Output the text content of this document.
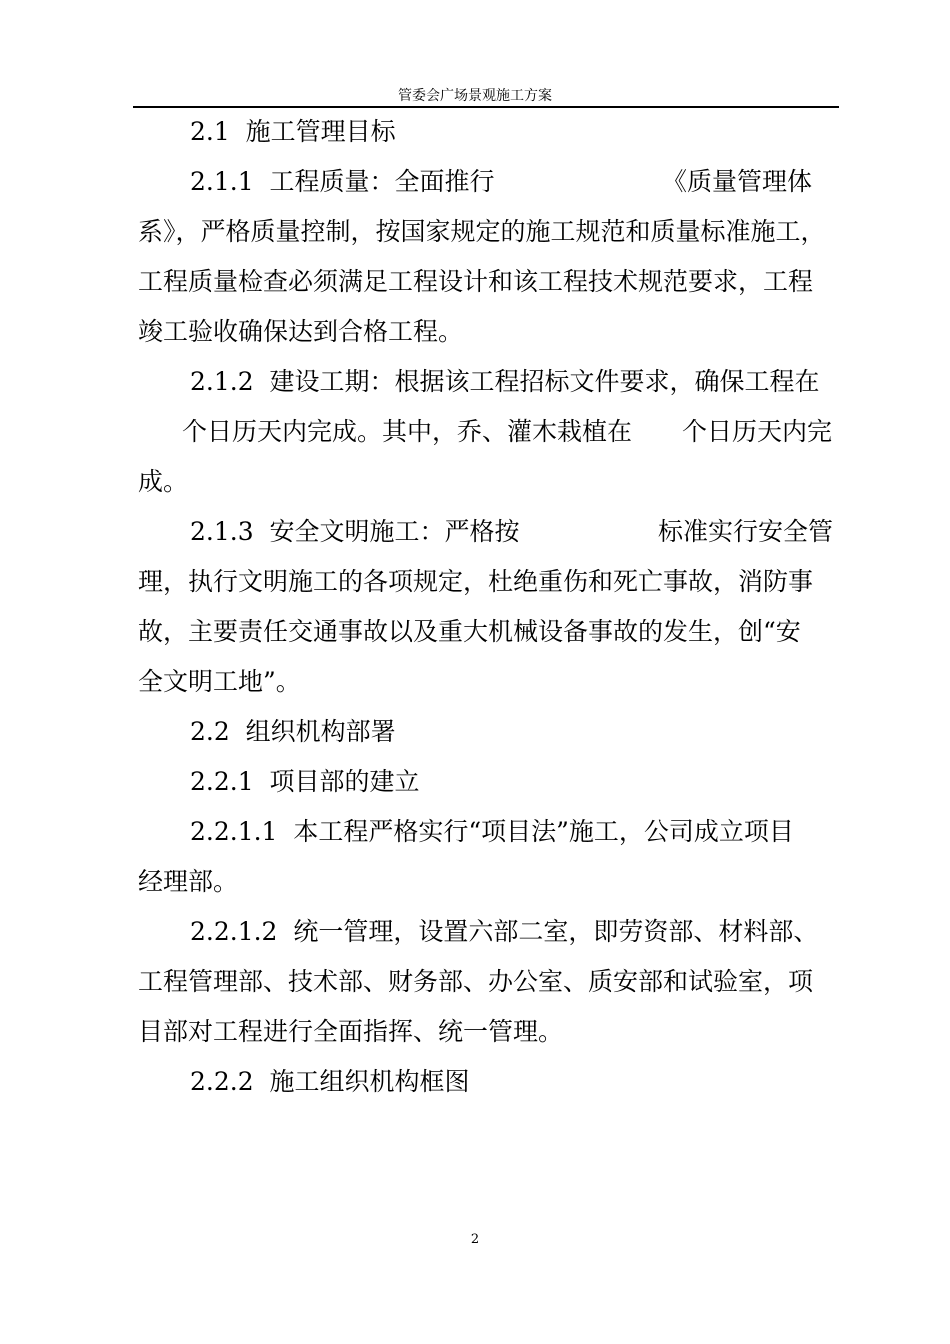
管委会广场景观施工方案
2.1  施工管理目标
2.1.1  工程质量：全面推行	《质量管理体
系》，严格质量控制，按国家规定的施工规范和质量标准施工，
工程质量检查必须满足工程设计和该工程技术规范要求，工程
竣工验收确保达到合格工程。
2.1.2  建设工期：根据该工程招标文件要求，确保工程在
个日历天内完成。其中，乔、灌木栽植在 个日历天内完
成。
2.1.3  安全文明施工：严格按	标准实行安全管
理，执行文明施工的各项规定，杜绝重伤和死亡事故，消防事
故，主要责任交通事故以及重大机械设备事故的发生，创“安
全文明工地”。
2.2  组织机构部署
2.2.1  项目部的建立
2.2.1.1  本工程严格实行“项目法”施工，公司成立项目
经理部。
2.2.1.2  统一管理，设置六部二室，即劳资部、材料部、
工程管理部、技术部、财务部、办公室、质安部和试验室，项
目部对工程进行全面指挥、统一管理。
2.2.2  施工组织机构框图
2
